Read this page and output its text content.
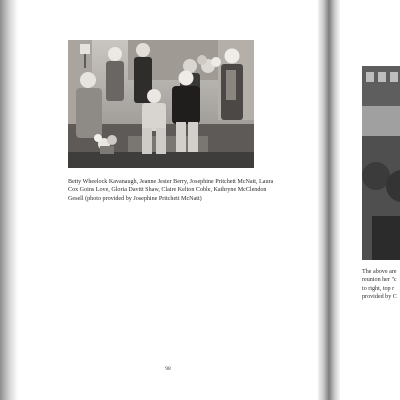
Betty Wheelock Kavanaugh, Jeanne Jester Berry, Josephine Pritchett McNatt, Laura Cox Goins Love, Gloria Davitt Shaw, Claire Kelton Coble, Kathryne McClendon Gesell (photo provided by Josephine Pritchett McNatt)
98
The above are
reunion her "c
to right, top r
provided by C
